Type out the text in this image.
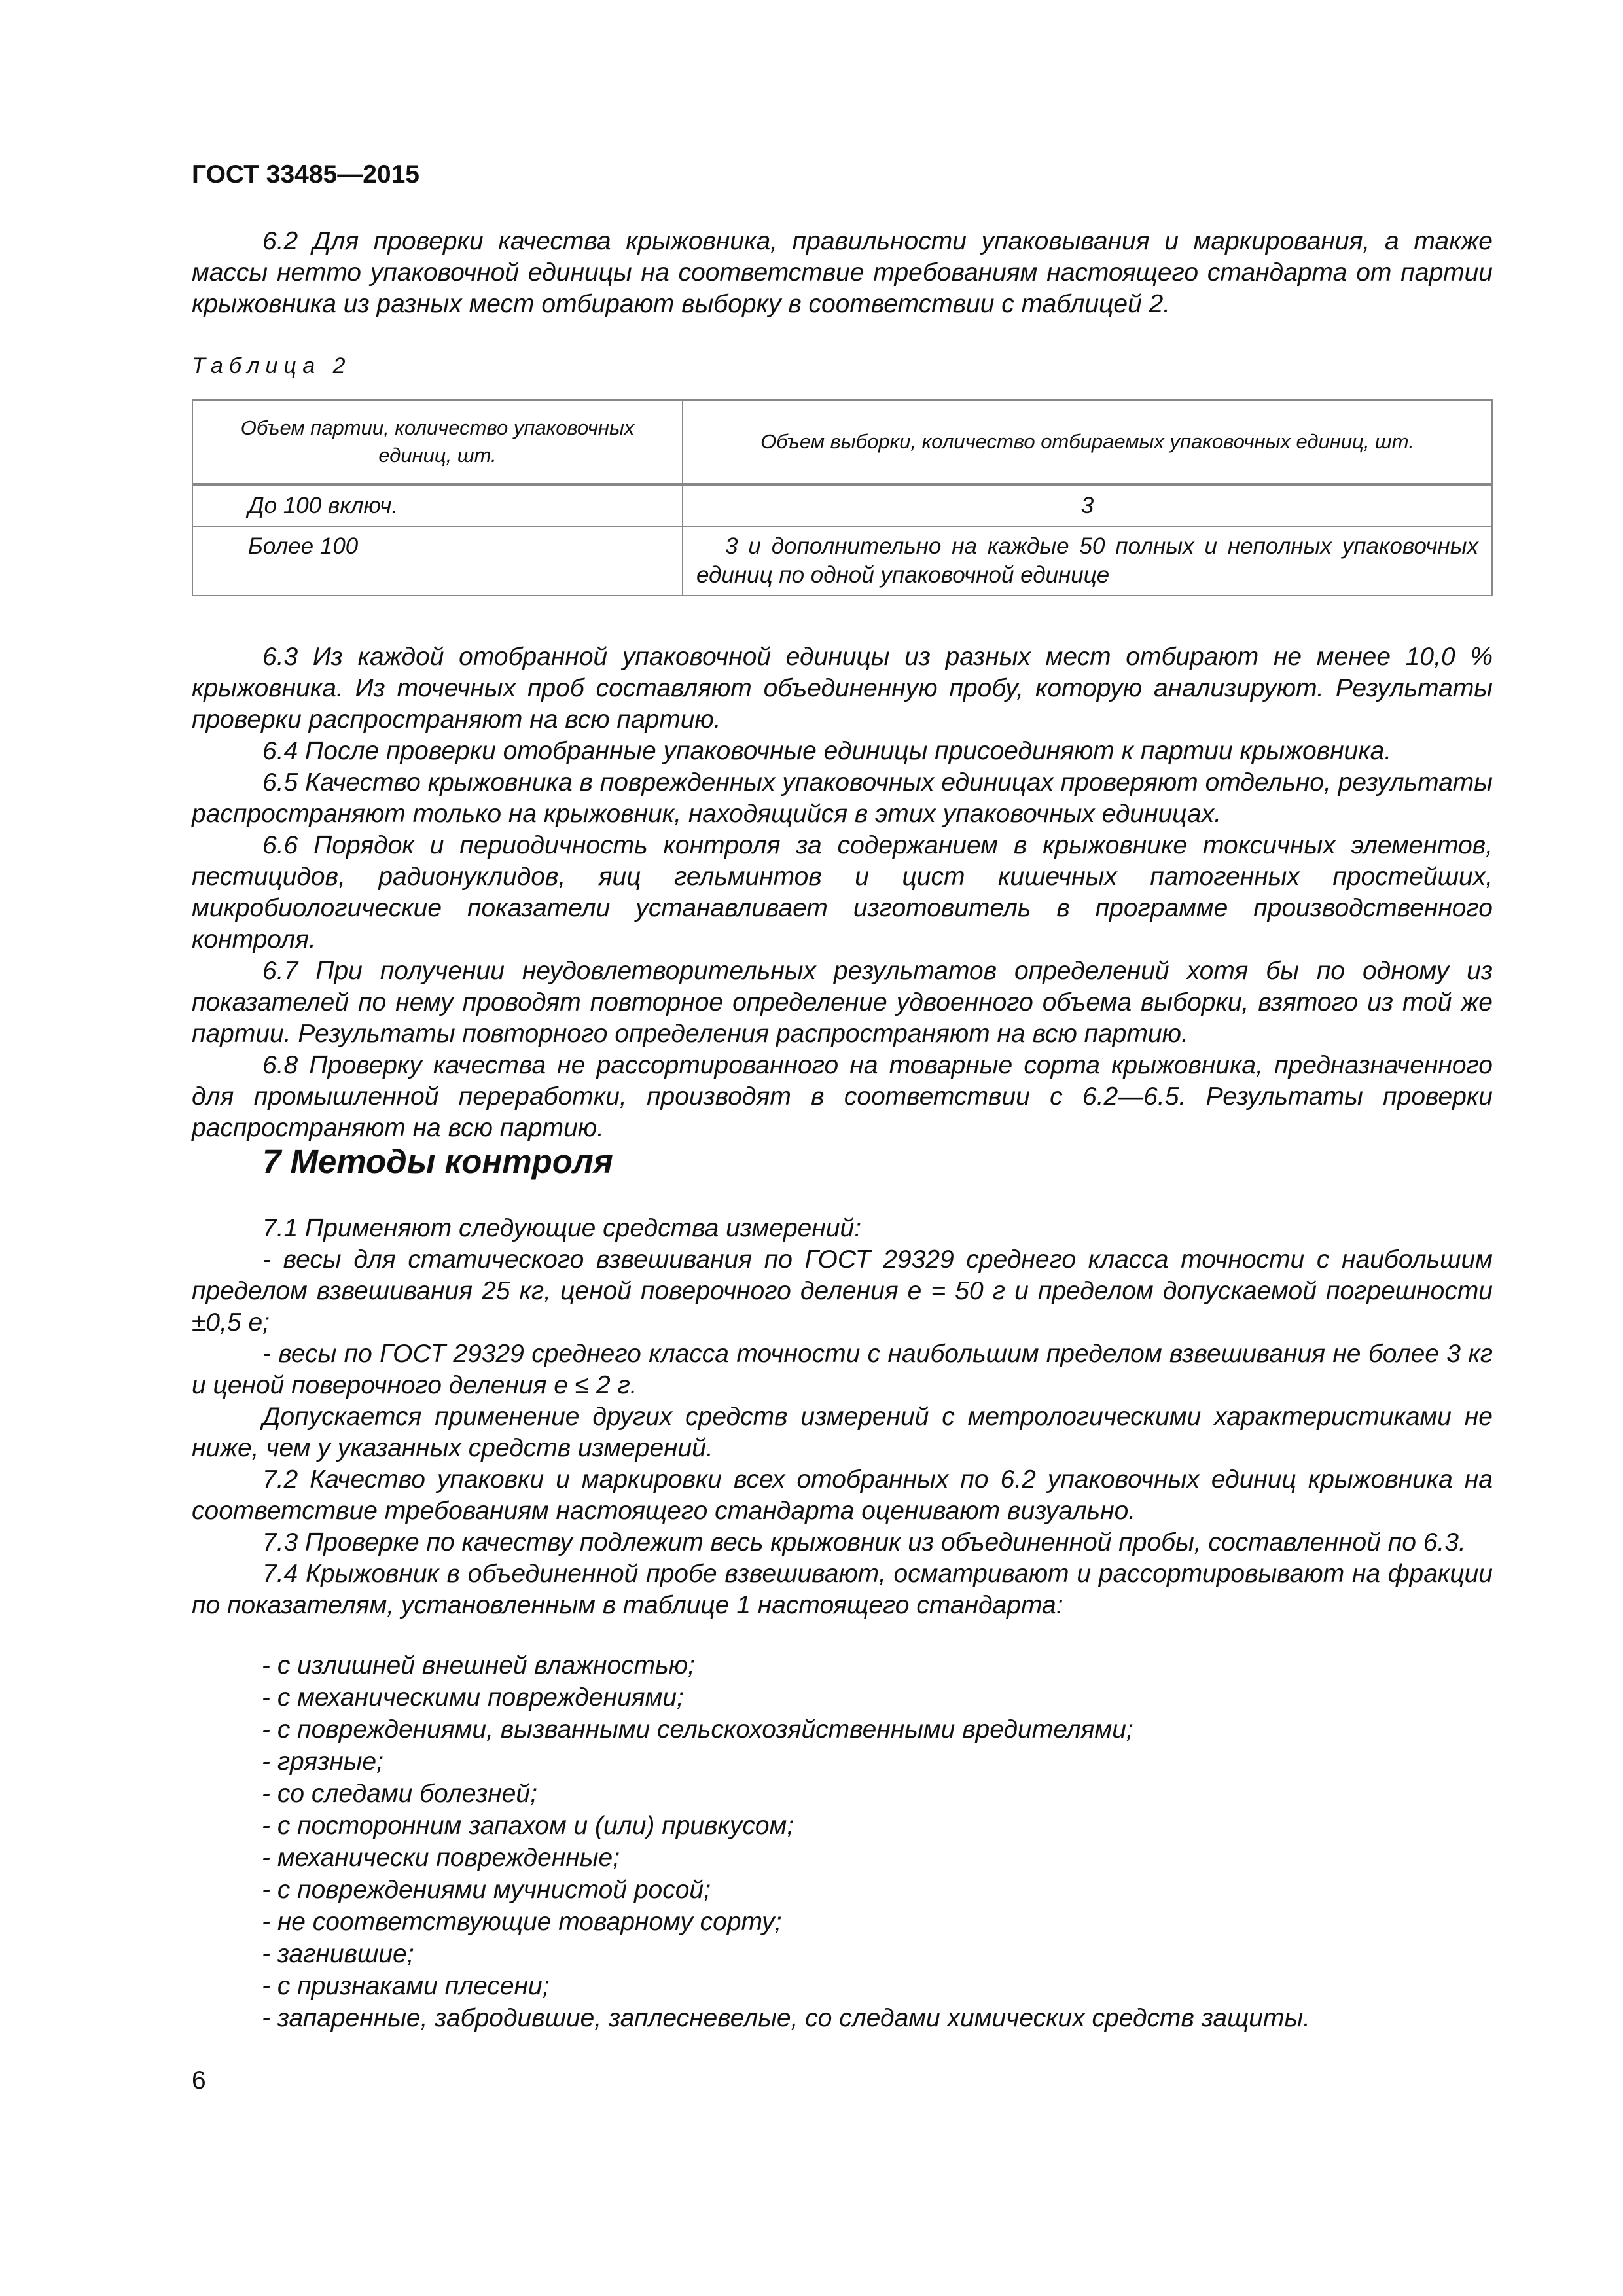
ГОСТ 33485—2015

6.2 Для проверки качества крыжовника, правильности упаковывания и маркирования, а также массы нетто упаковочной единицы на соответствие требованиям настоящего стандарта от партии крыжовника из разных мест отбирают выборку в соответствии с таблицей 2.

Таблица 2
Объем партии, количество упаковочных единиц, шт.	Объем выборки, количество отбираемых упаковочных единиц, шт.
До 100 включ.	3
Более 100	3 и дополнительно на каждые 50 полных и неполных упаковочных единиц по одной упаковочной единице

6.3 Из каждой отобранной упаковочной единицы из разных мест отбирают не менее 10,0 % крыжовника. Из точечных проб составляют объединенную пробу, которую анализируют. Результаты проверки распространяют на всю партию.

6.4 После проверки отобранные упаковочные единицы присоединяют к партии крыжовника.

6.5 Качество крыжовника в поврежденных упаковочных единицах проверяют отдельно, результаты распространяют только на крыжовник, находящийся в этих упаковочных единицах.

6.6 Порядок и периодичность контроля за содержанием в крыжовнике токсичных элементов, пестицидов, радионуклидов, яиц гельминтов и цист кишечных патогенных простейших, микробиологические показатели устанавливает изготовитель в программе производственного контроля.

6.7 При получении неудовлетворительных результатов определений хотя бы по одному из показателей по нему проводят повторное определение удвоенного объема выборки, взятого из той же партии. Результаты повторного определения распространяют на всю партию.

6.8 Проверку качества не рассортированного на товарные сорта крыжовника, предназначенного для промышленной переработки, производят в соответствии с 6.2—6.5. Результаты проверки распространяют на всю партию.

7 Методы контроля

7.1 Применяют следующие средства измерений:

- весы для статического взвешивания по ГОСТ 29329 среднего класса точности с наибольшим пределом взвешивания 25 кг, ценой поверочного деления e = 50 г и пределом допускаемой погрешности ±0,5 e;

- весы по ГОСТ 29329 среднего класса точности с наибольшим пределом взвешивания не более 3 кг и ценой поверочного деления e ≤ 2 г.

Допускается применение других средств измерений с метрологическими характеристиками не ниже, чем у указанных средств измерений.

7.2 Качество упаковки и маркировки всех отобранных по 6.2 упаковочных единиц крыжовника на соответствие требованиям настоящего стандарта оценивают визуально.

7.3 Проверке по качеству подлежит весь крыжовник из объединенной пробы, составленной по 6.3.

7.4 Крыжовник в объединенной пробе взвешивают, осматривают и рассортировывают на фракции по показателям, установленным в таблице 1 настоящего стандарта:

- с излишней внешней влажностью;
- с механическими повреждениями;
- с повреждениями, вызванными сельскохозяйственными вредителями;
- грязные;
- со следами болезней;
- с посторонним запахом и (или) привкусом;
- механически поврежденные;
- с повреждениями мучнистой росой;
- не соответствующие товарному сорту;
- загнившие;
- с признаками плесени;
- запаренные, забродившие, заплесневелые, со следами химических средств защиты.
6
